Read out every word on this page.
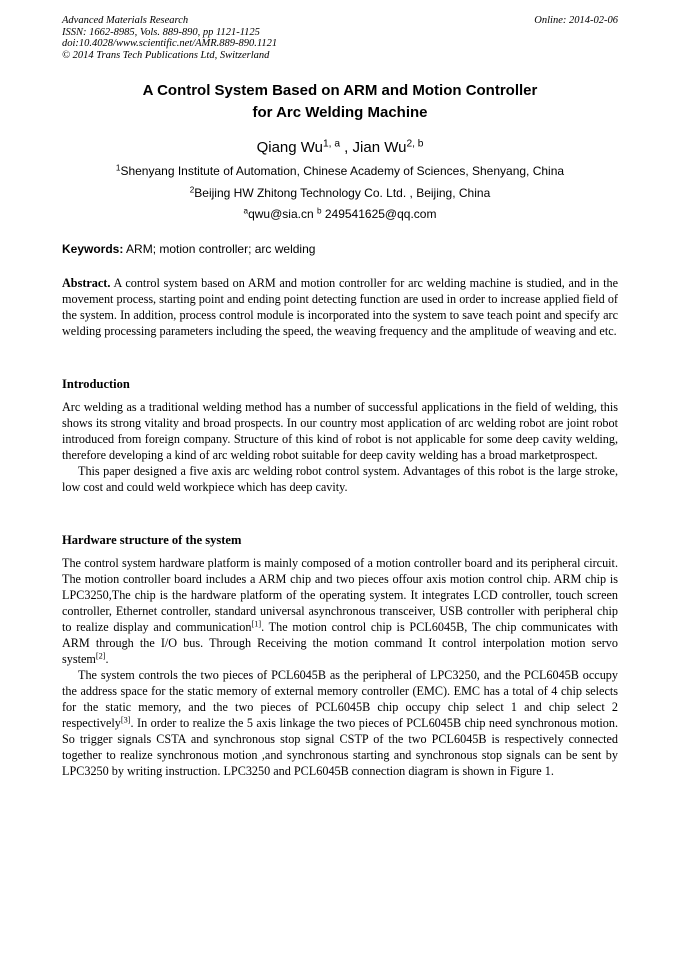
Advanced Materials Research
ISSN: 1662-8985, Vols. 889-890, pp 1121-1125
doi:10.4028/www.scientific.net/AMR.889-890.1121
© 2014 Trans Tech Publications Ltd, Switzerland
Online: 2014-02-06
A Control System Based on ARM and Motion Controller
for Arc Welding Machine
Qiang Wu$^{1, a}$ , Jian Wu$^{2, b}$
$^1$Shenyang Institute of Automation, Chinese Academy of Sciences, Shenyang, China
$^2$Beijing HW Zhitong Technology Co. Ltd. , Beijing, China
$^a$qwu@sia.cn $^b$ 249541625@qq.com
Keywords: ARM; motion controller; arc welding
Abstract. A control system based on ARM and motion controller for arc welding machine is studied, and in the movement process, starting point and ending point detecting function are used in order to increase applied field of the system. In addition, process control module is incorporated into the system to save teach point and specify arc welding processing parameters including the speed, the weaving frequency and the amplitude of weaving and etc.
Introduction

Arc welding as a traditional welding method has a number of successful applications in the field of welding, this shows its strong vitality and broad prospects. In our country most application of arc welding robot are joint robot introduced from foreign company. Structure of this kind of robot is not applicable for some deep cavity welding, therefore developing a kind of arc welding robot suitable for deep cavity welding has a broad marketprospect.

This paper designed a five axis arc welding robot control system. Advantages of this robot is the large stroke, low cost and could weld workpiece which has deep cavity.

Hardware structure of the system

The control system hardware platform is mainly composed of a motion controller board and its peripheral circuit. The motion controller board includes a ARM chip and two pieces offour axis motion control chip. ARM chip is LPC3250,The chip is the hardware platform of the operating system. It integrates LCD controller, touch screen controller, Ethernet controller, standard universal asynchronous transceiver, USB controller with peripheral chip to realize display and communication[1]. The motion control chip is PCL6045B, The chip communicates with ARM through the I/O bus. Through Receiving the motion command It control interpolation motion servo system[2].

The system controls the two pieces of PCL6045B as the peripheral of LPC3250, and the PCL6045B occupy the address space for the static memory of external memory controller (EMC). EMC has a total of 4 chip selects for the static memory, and the two pieces of PCL6045B chip occupy chip select 1 and chip select 2 respectively[3]. In order to realize the 5 axis linkage the two pieces of PCL6045B chip need synchronous motion. So trigger signals CSTA and synchronous stop signal CSTP of the two PCL6045B is respectively connected together to realize synchronous motion ,and synchronous starting and synchronous stop signals can be sent by LPC3250 by writing instruction. LPC3250 and PCL6045B connection diagram is shown in Figure 1.
